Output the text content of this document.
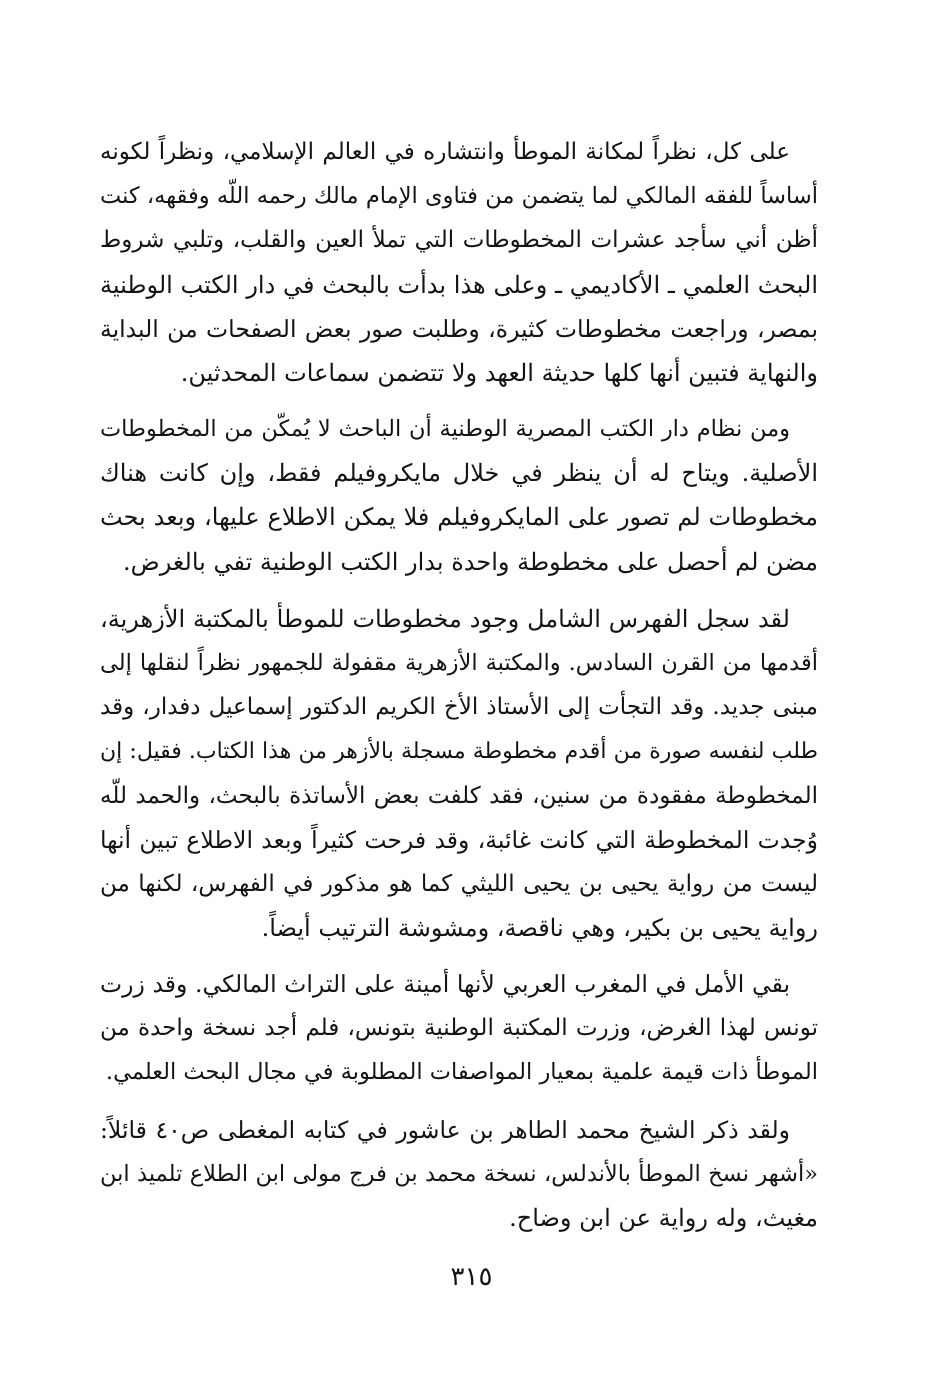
على كل، نظراً لمكانة الموطأ وانتشاره في العالم الإسلامي، ونظراً لكونه
أساساً للفقه المالكي لما يتضمن من فتاوى الإمام مالك رحمه اللّه وفقهه، كنت
أظن أني سأجد عشرات المخطوطات التي تملأ العين والقلب، وتلبي شروط
البحث العلمي ـ الأكاديمي ـ وعلى هذا بدأت بالبحث في دار الكتب الوطنية
بمصر، وراجعت مخطوطات كثيرة، وطلبت صور بعض الصفحات من البداية
والنهاية فتبين أنها كلها حديثة العهد ولا تتضمن سماعات المحدثين.
ومن نظام دار الكتب المصرية الوطنية أن الباحث لا يُمكّن من المخطوطات
الأصلية. ويتاح له أن ينظر في خلال مايكروفيلم فقط، وإن كانت هناك
مخطوطات لم تصور على المايكروفيلم فلا يمكن الاطلاع عليها، وبعد بحث
مضن لم أحصل على مخطوطة واحدة بدار الكتب الوطنية تفي بالغرض.
لقد سجل الفهرس الشامل وجود مخطوطات للموطأ بالمكتبة الأزهرية،
أقدمها من القرن السادس. والمكتبة الأزهرية مقفولة للجمهور نظراً لنقلها إلى
مبنى جديد. وقد التجأت إلى الأستاذ الأخ الكريم الدكتور إسماعيل دفدار، وقد
طلب لنفسه صورة من أقدم مخطوطة مسجلة بالأزهر من هذا الكتاب. فقيل: إن
المخطوطة مفقودة من سنين، فقد كلفت بعض الأساتذة بالبحث، والحمد للّه
وُجدت المخطوطة التي كانت غائبة، وقد فرحت كثيراً وبعد الاطلاع تبين أنها
ليست من رواية يحيى بن يحيى الليثي كما هو مذكور في الفهرس، لكنها من
رواية يحيى بن بكير، وهي ناقصة، ومشوشة الترتيب أيضاً.
بقي الأمل في المغرب العربي لأنها أمينة على التراث المالكي. وقد زرت
تونس لهذا الغرض، وزرت المكتبة الوطنية بتونس، فلم أجد نسخة واحدة من
الموطأ ذات قيمة علمية بمعيار المواصفات المطلوبة في مجال البحث العلمي.
ولقد ذكر الشيخ محمد الطاهر بن عاشور في كتابه المغطى ص٤٠ قائلاً:
«أشهر نسخ الموطأ بالأندلس، نسخة محمد بن فرج مولى ابن الطلاع تلميذ ابن
مغيث، وله رواية عن ابن وضاح.
٣١٥
